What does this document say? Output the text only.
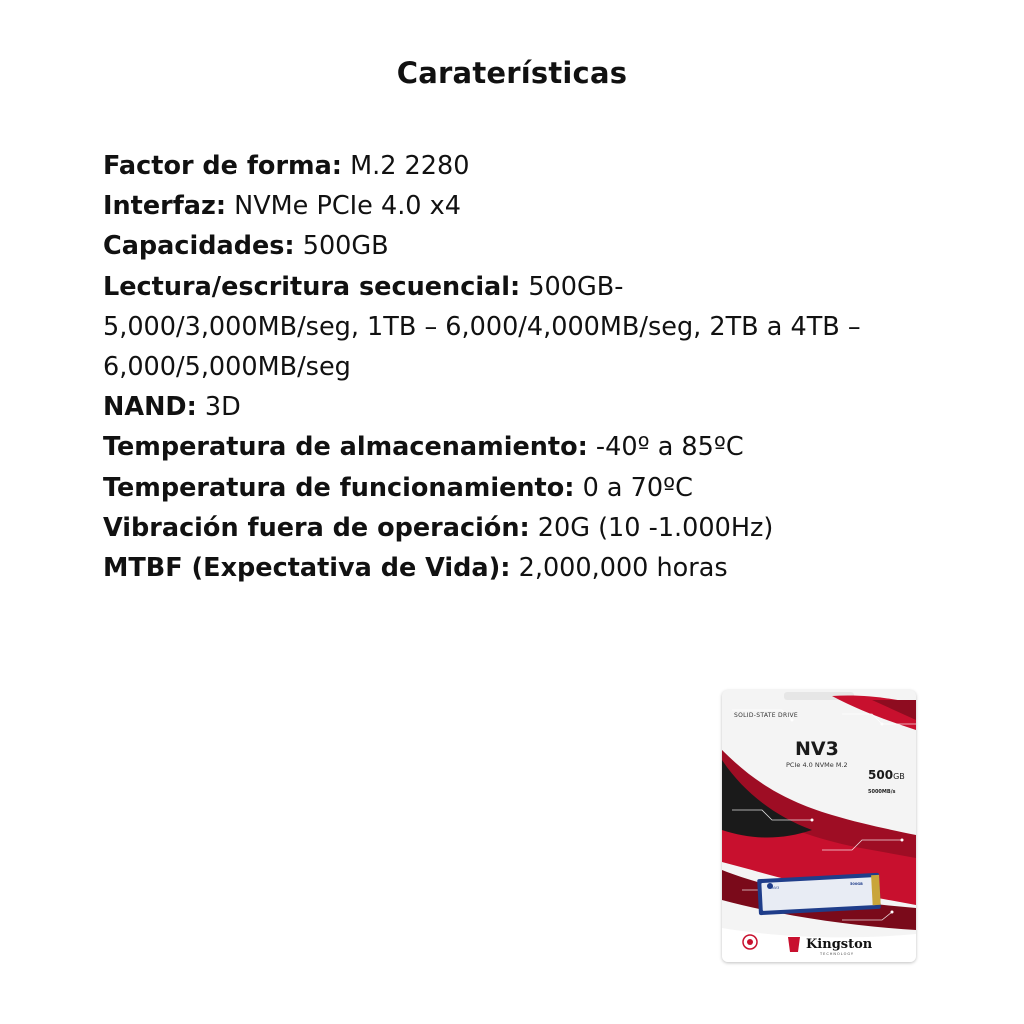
Caraterísticas

Factor de forma: M.2 2280

Interfaz: NVMe PCIe 4.0 x4

Capacidades: 500GB

Lectura/escritura secuencial: 500GB-

5,000/3,000MB/seg, 1TB – 6,000/4,000MB/seg, 2TB a 4TB –

6,000/5,000MB/seg

NAND: 3D

Temperatura de almacenamiento: -40º a 85ºC

Temperatura de funcionamiento: 0 a 70ºC

Vibración fuera de operación: 20G (10 -1.000Hz)

MTBF (Expectativa de Vida): 2,000,000 horas

SOLID-STATE DRIVE
NV3
PCIe 4.0 NVMe M.2
500GB
5000MB/s
NV3
500GB
Kingston
TECHNOLOGY
